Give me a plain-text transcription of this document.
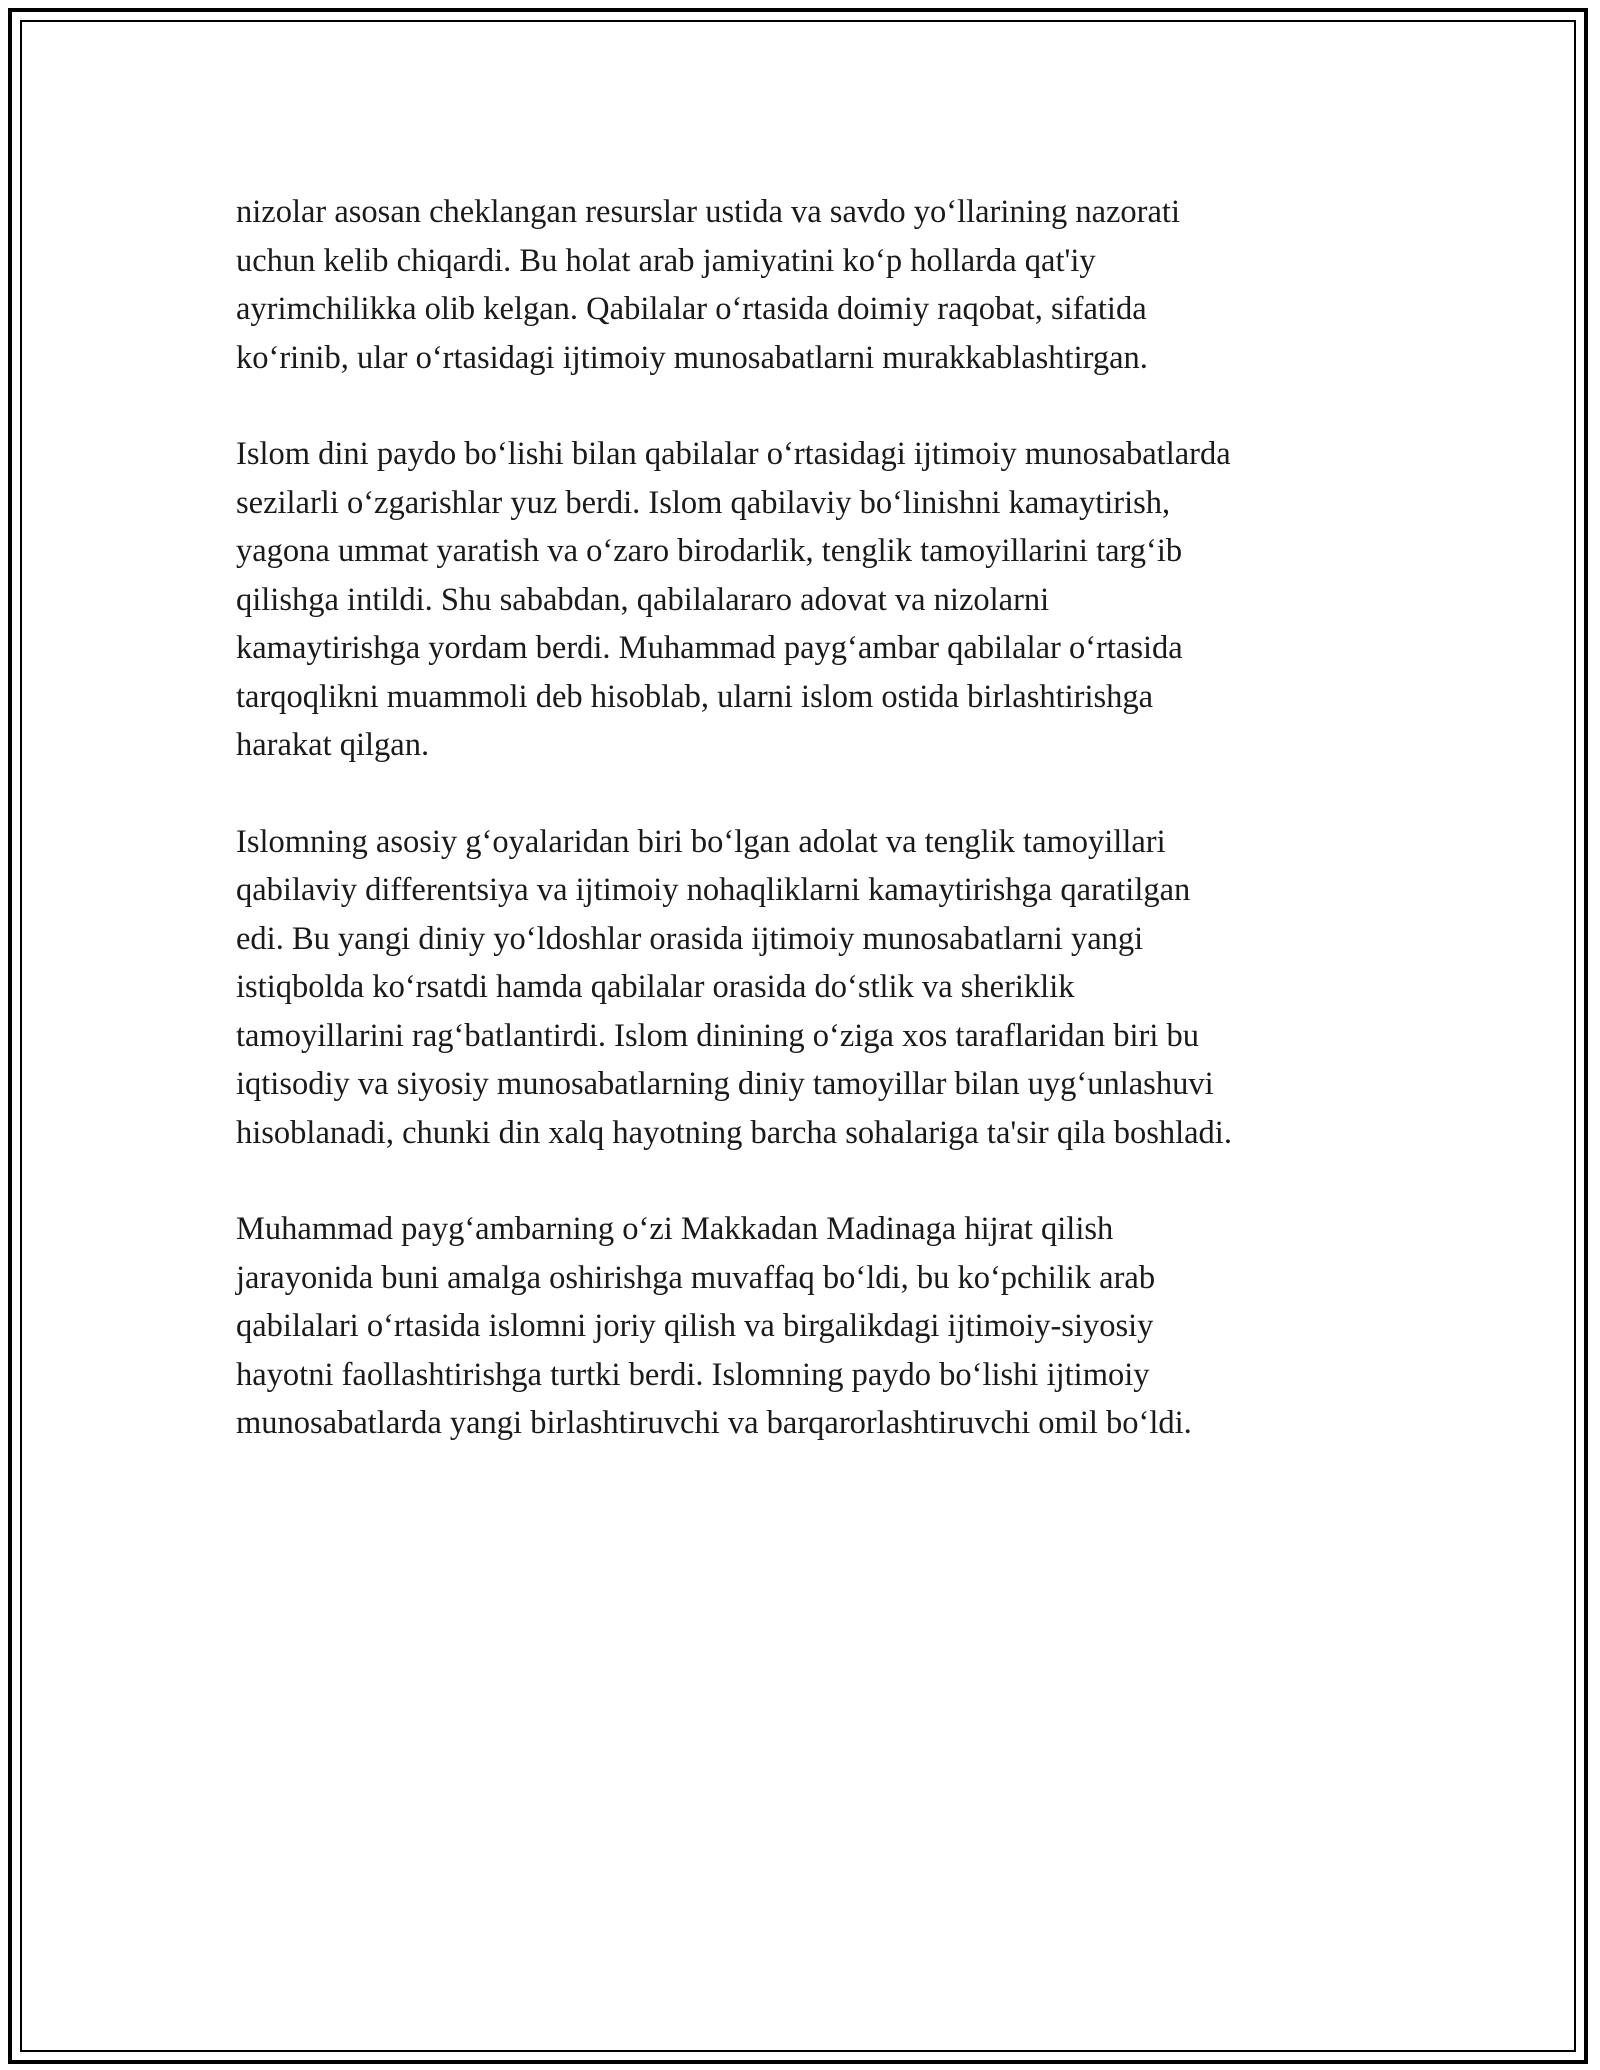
nizolar asosan cheklangan resurslar ustida va savdo yo‘llarining nazorati
uchun kelib chiqardi. Bu holat arab jamiyatini ko‘p hollarda qat'iy
ayrimchilikka olib kelgan. Qabilalar o‘rtasida doimiy raqobat, sifatida
ko‘rinib, ular o‘rtasidagi ijtimoiy munosabatlarni murakkablashtirgan.

Islom dini paydo bo‘lishi bilan qabilalar o‘rtasidagi ijtimoiy munosabatlarda
sezilarli o‘zgarishlar yuz berdi. Islom qabilaviy bo‘linishni kamaytirish,
yagona ummat yaratish va o‘zaro birodarlik, tenglik tamoyillarini targ‘ib
qilishga intildi. Shu sababdan, qabilalararo adovat va nizolarni
kamaytirishga yordam berdi. Muhammad payg‘ambar qabilalar o‘rtasida
tarqoqlikni muammoli deb hisoblab, ularni islom ostida birlashtirishga
harakat qilgan.

Islomning asosiy g‘oyalaridan biri bo‘lgan adolat va tenglik tamoyillari
qabilaviy differentsiya va ijtimoiy nohaqliklarni kamaytirishga qaratilgan
edi. Bu yangi diniy yo‘ldoshlar orasida ijtimoiy munosabatlarni yangi
istiqbolda ko‘rsatdi hamda qabilalar orasida do‘stlik va sheriklik
tamoyillarini rag‘batlantirdi. Islom dinining o‘ziga xos taraflaridan biri bu
iqtisodiy va siyosiy munosabatlarning diniy tamoyillar bilan uyg‘unlashuvi
hisoblanadi, chunki din xalq hayotning barcha sohalariga ta'sir qila boshladi.

Muhammad payg‘ambarning o‘zi Makkadan Madinaga hijrat qilish
jarayonida buni amalga oshirishga muvaffaq bo‘ldi, bu ko‘pchilik arab
qabilalari o‘rtasida islomni joriy qilish va birgalikdagi ijtimoiy-siyosiy
hayotni faollashtirishga turtki berdi. Islomning paydo bo‘lishi ijtimoiy
munosabatlarda yangi birlashtiruvchi va barqarorlashtiruvchi omil bo‘ldi.
